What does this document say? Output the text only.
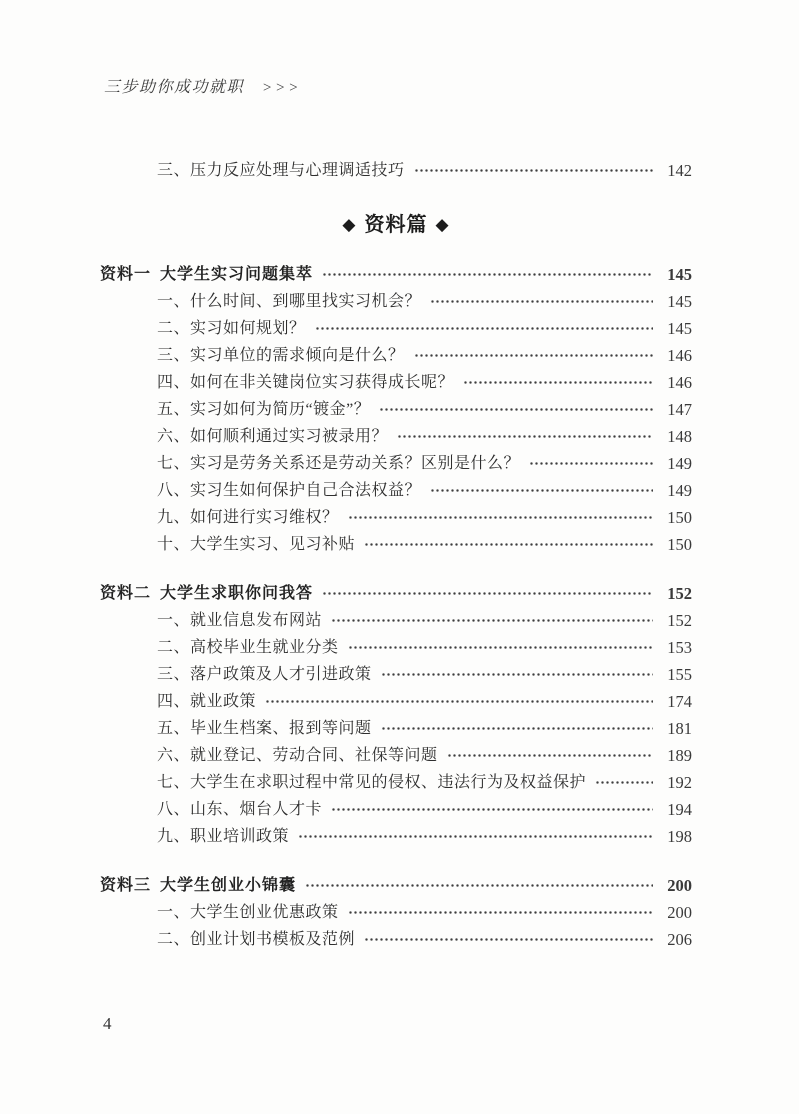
三步助你成功就职 >>>
三、压力反应处理与心理调适技巧	142
◆ 资料篇 ◆
资料一 大学生实习问题集萃	145
一、什么时间、到哪里找实习机会？	145
二、实习如何规划？	145
三、实习单位的需求倾向是什么？	146
四、如何在非关键岗位实习获得成长呢？	146
五、实习如何为简历“镀金”？	147
六、如何顺利通过实习被录用？	148
七、实习是劳务关系还是劳动关系？区别是什么？	149
八、实习生如何保护自己合法权益？	149
九、如何进行实习维权？	150
十、大学生实习、见习补贴	150
资料二 大学生求职你问我答	152
一、就业信息发布网站	152
二、高校毕业生就业分类	153
三、落户政策及人才引进政策	155
四、就业政策	174
五、毕业生档案、报到等问题	181
六、就业登记、劳动合同、社保等问题	189
七、大学生在求职过程中常见的侵权、违法行为及权益保护	192
八、山东、烟台人才卡	194
九、职业培训政策	198
资料三 大学生创业小锦囊	200
一、大学生创业优惠政策	200
二、创业计划书模板及范例	206
4
